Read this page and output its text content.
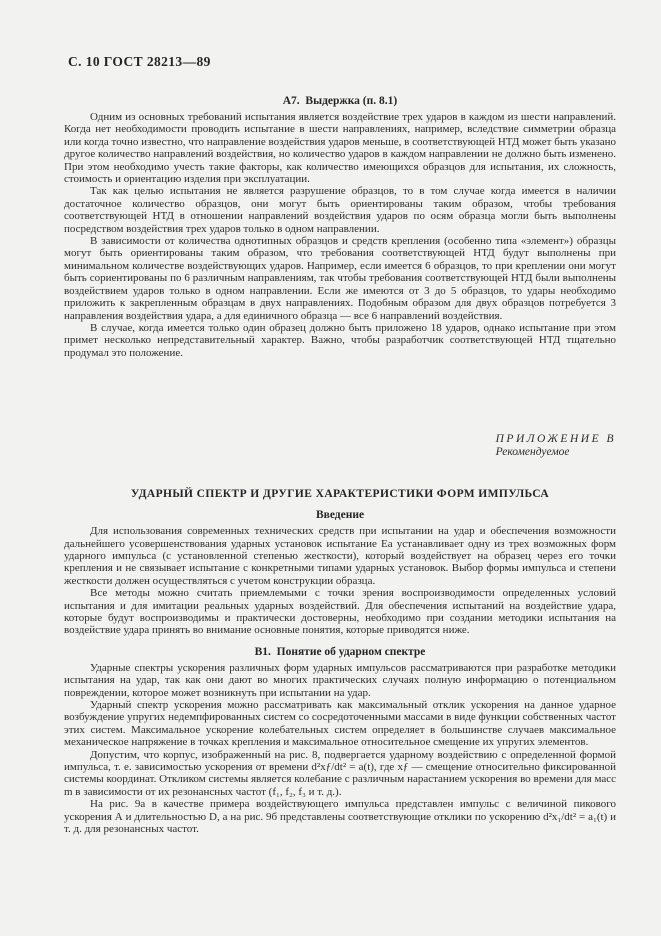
С. 10 ГОСТ 28213—89
А7. Выдержка (п. 8.1)

Одним из основных требований испытания является воздействие трех ударов в каждом из шести направлений. Когда нет необходимости проводить испытание в шести направлениях, например, вследствие симметрии образца или когда точно известно, что направление воздействия ударов меньше, в соответствующей НТД может быть указано другое количество направлений воздействия, но количество ударов в каждом направлении не должно быть изменено. При этом необходимо учесть такие факторы, как количество имеющихся образцов для испытания, их сложность, стоимость и ориентацию изделия при эксплуатации.

Так как целью испытания не является разрушение образцов, то в том случае когда имеется в наличии достаточное количество образцов, они могут быть ориентированы таким образом, чтобы требования соответствующей НТД в отношении направлений воздействия ударов по осям образца могли быть выполнены посредством воздействия трех ударов только в одном направлении.

В зависимости от количества однотипных образцов и средств крепления (особенно типа «элемент») образцы могут быть ориентированы таким образом, что требования соответствующей НТД будут выполнены при минимальном количестве воздействующих ударов. Например, если имеется 6 образцов, то при креплении они могут быть сориентированы по 6 различным направлениям, так чтобы требования соответствующей НТД были выполнены воздействием ударов только в одном направлении. Если же имеются от 3 до 5 образцов, то удары необходимо приложить к закрепленным образцам в двух направлениях. Подобным образом для двух образцов потребуется 3 направления воздействия удара, а для единичного образца — все 6 направлений воздействия.

В случае, когда имеется только один образец должно быть приложено 18 ударов, однако испытание при этом примет несколько непредставительный характер. Важно, чтобы разработчик соответствующей НТД тщательно продумал это положение.

ПРИЛОЖЕНИЕ В
Рекомендуемое
УДАРНЫЙ СПЕКТР И ДРУГИЕ ХАРАКТЕРИСТИКИ ФОРМ ИМПУЛЬСА
Введение

Для использования современных технических средств при испытании на удар и обеспечения возможности дальнейшего усовершенствования ударных установок испытание Еа устанавливает одну из трех возможных форм ударного импульса (с установленной степенью жесткости), который воздействует на образец через его точки крепления и не связывает испытание с конкретными типами ударных установок. Выбор формы импульса и степени жесткости должен осуществляться с учетом конструкции образца.

Все методы можно считать приемлемыми с точки зрения воспроизводимости определенных условий испытания и для имитации реальных ударных воздействий. Для обеспечения испытаний на воздействие удара, которые будут воспроизводимы и практически достоверны, необходимо при создании методики испытания на воздействие удара принять во внимание основные понятия, которые приводятся ниже.

В1. Понятие об ударном спектре

Ударные спектры ускорения различных форм ударных импульсов рассматриваются при разработке методики испытания на удар, так как они дают во многих практических случаях полную информацию о потенциальном повреждении, которое может возникнуть при испытании на удар.

Ударный спектр ускорения можно рассматривать как максимальный отклик ускорения на данное ударное возбуждение упругих недемпфированных систем со сосредоточенными массами в виде функции собственных частот этих систем. Максимальное ускорение колебательных систем определяет в большинстве случаев максимальное механическое напряжение в точках крепления и максимальное относительное смещение их упругих элементов.

Допустим, что корпус, изображенный на рис. 8, подвергается ударному воздействию с определенной формой импульса, т. е. зависимостью ускорения от времени d²xƒ/dt² = a(t), где xƒ — смещение относительно фиксированной системы координат. Откликом системы является колебание с различным нарастанием ускорения во времени для масс m в зависимости от их резонансных частот (f₁, f₂, f₃ и т. д.).

На рис. 9а в качестве примера воздействующего импульса представлен импульс с величиной пикового ускорения А и длительностью D, а на рис. 9б представлены соответствующие отклики по ускорению d²x₁/dt² = a₁(t) и т. д. для резонансных частот.
